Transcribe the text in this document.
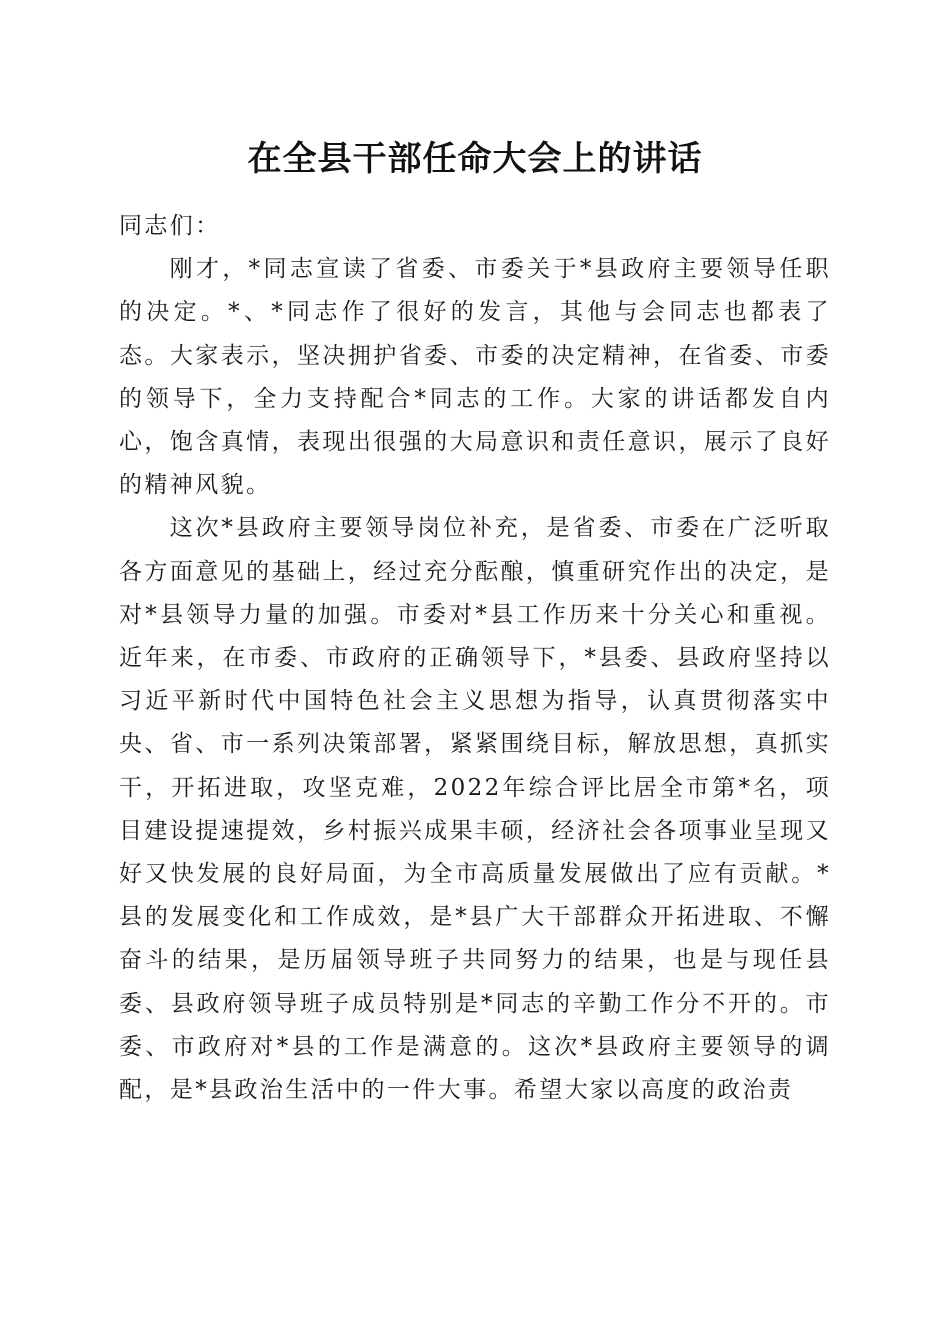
在全县干部任命大会上的讲话

同志们：

刚才，*同志宣读了省委、市委关于*县政府主要领导任职的决定。*、*同志作了很好的发言，其他与会同志也都表了态。大家表示，坚决拥护省委、市委的决定精神，在省委、市委的领导下，全力支持配合*同志的工作。大家的讲话都发自内心，饱含真情，表现出很强的大局意识和责任意识，展示了良好的精神风貌。

这次*县政府主要领导岗位补充，是省委、市委在广泛听取各方面意见的基础上，经过充分酝酿，慎重研究作出的决定，是对*县领导力量的加强。市委对*县工作历来十分关心和重视。近年来，在市委、市政府的正确领导下，*县委、县政府坚持以习近平新时代中国特色社会主义思想为指导，认真贯彻落实中央、省、市一系列决策部署，紧紧围绕目标，解放思想，真抓实干，开拓进取，攻坚克难，2022年综合评比居全市第*名，项目建设提速提效，乡村振兴成果丰硕，经济社会各项事业呈现又好又快发展的良好局面，为全市高质量发展做出了应有贡献。*县的发展变化和工作成效，是*县广大干部群众开拓进取、不懈奋斗的结果，是历届领导班子共同努力的结果，也是与现任县委、县政府领导班子成员特别是*同志的辛勤工作分不开的。市委、市政府对*县的工作是满意的。这次*县政府主要领导的调配，是*县政治生活中的一件大事。希望大家以高度的政治责
